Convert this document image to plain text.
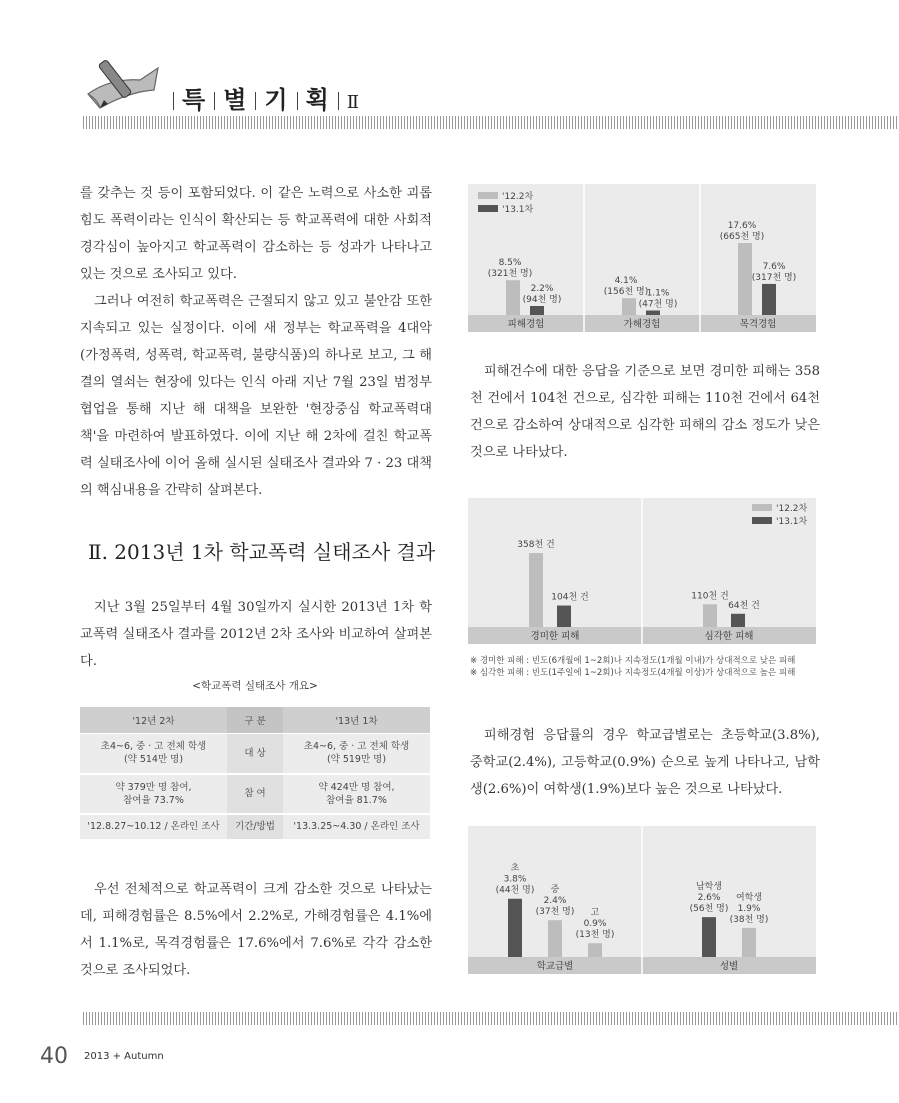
특 별 기 획 Ⅱ

를 갖추는 것 등이 포함되었다. 이 같은 노력으로 사소한 괴롭힘도 폭력이라는 인식이 확산되는 등 학교폭력에 대한 사회적 경각심이 높아지고 학교폭력이 감소하는 등 성과가 나타나고 있는 것으로 조사되고 있다.

그러나 여전히 학교폭력은 근절되지 않고 있고 불안감 또한 지속되고 있는 실정이다. 이에 새 정부는 학교폭력을 4대악(가정폭력, 성폭력, 학교폭력, 불량식품)의 하나로 보고, 그 해결의 열쇠는 현장에 있다는 인식 아래 지난 7월 23일 범정부 협업을 통해 지난 해 대책을 보완한 '현장중심 학교폭력대책'을 마련하여 발표하였다. 이에 지난 해 2차에 걸친 학교폭력 실태조사에 이어 올해 실시된 실태조사 결과와 7 · 23 대책의 핵심내용을 간략히 살펴본다.

Ⅱ. 2013년 1차 학교폭력 실태조사 결과

지난 3월 25일부터 4월 30일까지 실시한 2013년 1차 학교폭력 실태조사 결과를 2012년 2차 조사와 비교하여 살펴본다.

<학교폭력 실태조사 개요>
'12년 2차	구 분	'13년 1차
초4~6, 중 · 고 전체 학생
(약 514만 명)	대 상	초4~6, 중 · 고 전체 학생
(약 519만 명)
약 379만 명 참여,
참여율 73.7%	참 여	약 424만 명 참여,
참여율 81.7%
'12.8.27~10.12 / 온라인 조사	기간/방법	'13.3.25~4.30 / 온라인 조사

우선 전체적으로 학교폭력이 크게 감소한 것으로 나타났는데, 피해경험률은 8.5%에서 2.2%로, 가해경험률은 4.1%에서 1.1%로, 목격경험률은 17.6%에서 7.6%로 각각 감소한 것으로 조사되었다.

피해경험	가해경험	목격경험
8.5% (321천 명)
2.2% (94천 명)
4.1% (156천 명)
1.1% (47천 명)
17.6% (665천 명)
7.6% (317천 명)
'12.2차
'13.1차

피해건수에 대한 응답을 기준으로 보면 경미한 피해는 358천 건에서 104천 건으로, 심각한 피해는 110천 건에서 64천 건으로 감소하여 상대적으로 심각한 피해의 감소 정도가 낮은 것으로 나타났다.

경미한 피해	심각한 피해
358천 건
104천 건	110천 건
64천 건
'12.2차
'13.1차
※ 경미한 피해 : 빈도(6개월에 1~2회)나 지속정도(1개월 이내)가 상대적으로 낮은 피해
※ 심각한 피해 : 빈도(1주일에 1~2회)나 지속정도(4개월 이상)가 상대적으로 높은 피해

피해경험 응답률의 경우 학교급별로는 초등학교(3.8%), 중학교(2.4%), 고등학교(0.9%) 순으로 높게 나타나고, 남학생(2.6%)이 여학생(1.9%)보다 높은 것으로 나타났다.

학교급별	성별
초 3.8% (44천 명)	중 2.4% (37천 명)	고 0.9% (13천 명)
남학생 2.6% (56천 명)
여학생 1.9% (38천 명)
40 2013 + Autumn
